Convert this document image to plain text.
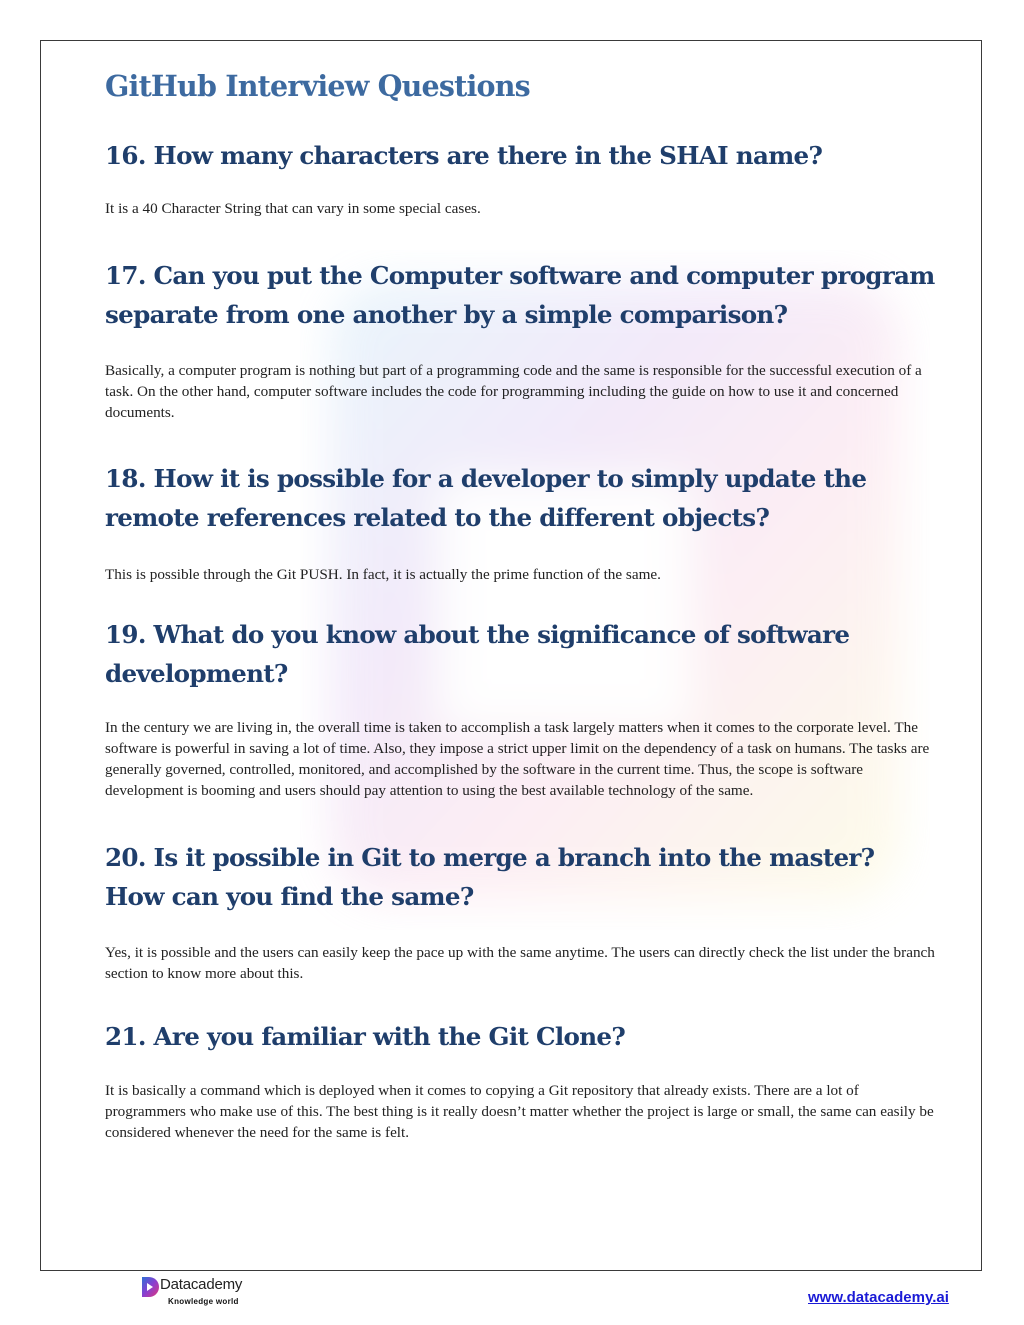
GitHub Interview Questions
16. How many characters are there in the SHAI name?

It is a 40 Character String that can vary in some special cases.

17. Can you put the Computer software and computer program separate from one another by a simple comparison?

Basically, a computer program is nothing but part of a programming code and the same is responsible for the successful execution of a task. On the other hand, computer software includes the code for programming including the guide on how to use it and concerned documents.

18. How it is possible for a developer to simply update the remote references related to the different objects?

This is possible through the Git PUSH. In fact, it is actually the prime function of the same.

19. What do you know about the significance of software development?

In the century we are living in, the overall time is taken to accomplish a task largely matters when it comes to the corporate level. The software is powerful in saving a lot of time. Also, they impose a strict upper limit on the dependency of a task on humans. The tasks are generally governed, controlled, monitored, and accomplished by the software in the current time. Thus, the scope is software development is booming and users should pay attention to using the best available technology of the same.

20. Is it possible in Git to merge a branch into the master? How can you find the same?

Yes, it is possible and the users can easily keep the pace up with the same anytime. The users can directly check the list under the branch section to know more about this.

21. Are you familiar with the Git Clone?

It is basically a command which is deployed when it comes to copying a Git repository that already exists. There are a lot of programmers who make use of this. The best thing is it really doesn’t matter whether the project is large or small, the same can easily be considered whenever the need for the same is felt.

Datacademy
Knowledge world	www.datacademy.ai
